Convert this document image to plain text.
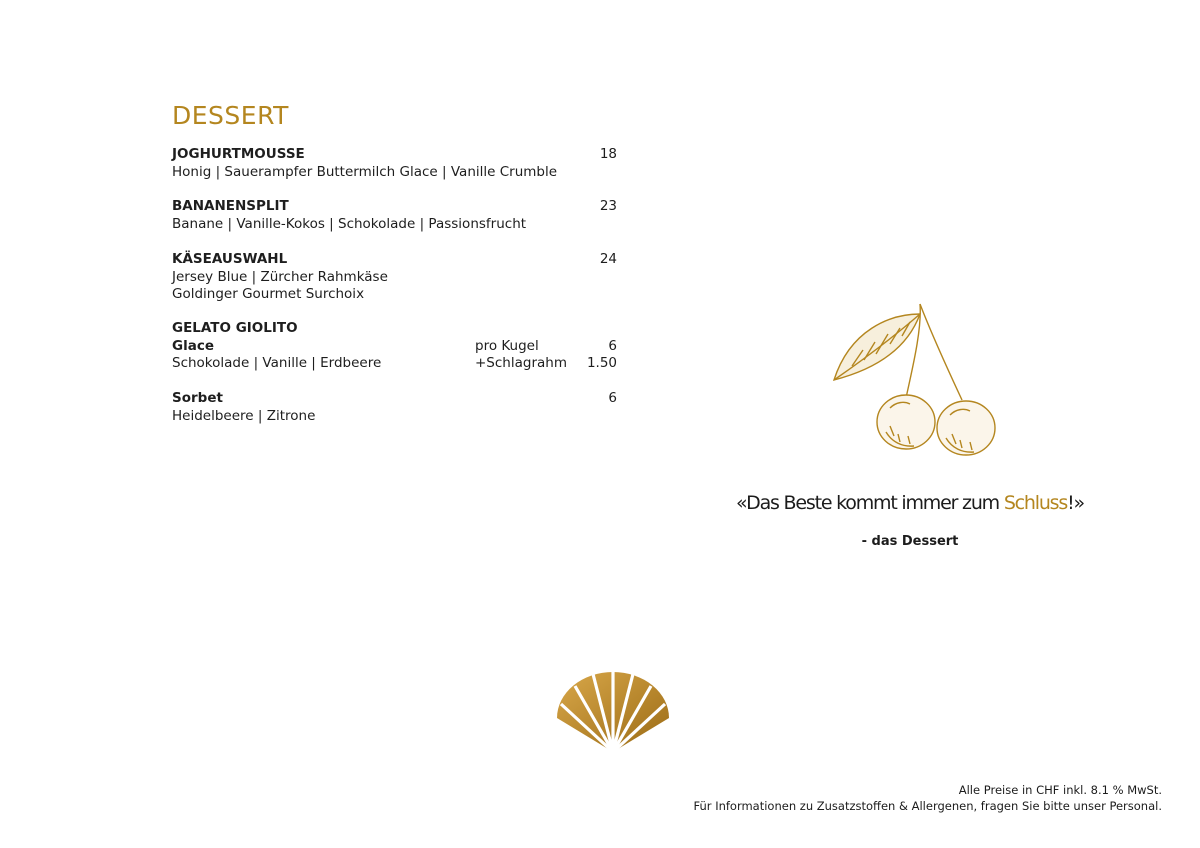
DESSERT
JOGHURTMOUSSE	18
Honig | Sauerampfer Buttermilch Glace | Vanille Crumble
BANANENSPLIT	23
Banane | Vanille-Kokos | Schokolade | Passionsfrucht
KÄSEAUSWAHL	24
Jersey Blue | Zürcher Rahmkäse
Goldinger Gourmet Surchoix
GELATO GIOLITO
Glace	pro Kugel	6
Schokolade | Vanille | Erdbeere	+Schlagrahm 1.50
Sorbet	6
Heidelbeere | Zitrone
«Das Beste kommt immer zum Schluss!»
- das Dessert
Alle Preise in CHF inkl. 8.1 % MwSt.
Für Informationen zu Zusatzstoffen & Allergenen, fragen Sie bitte unser Personal.
